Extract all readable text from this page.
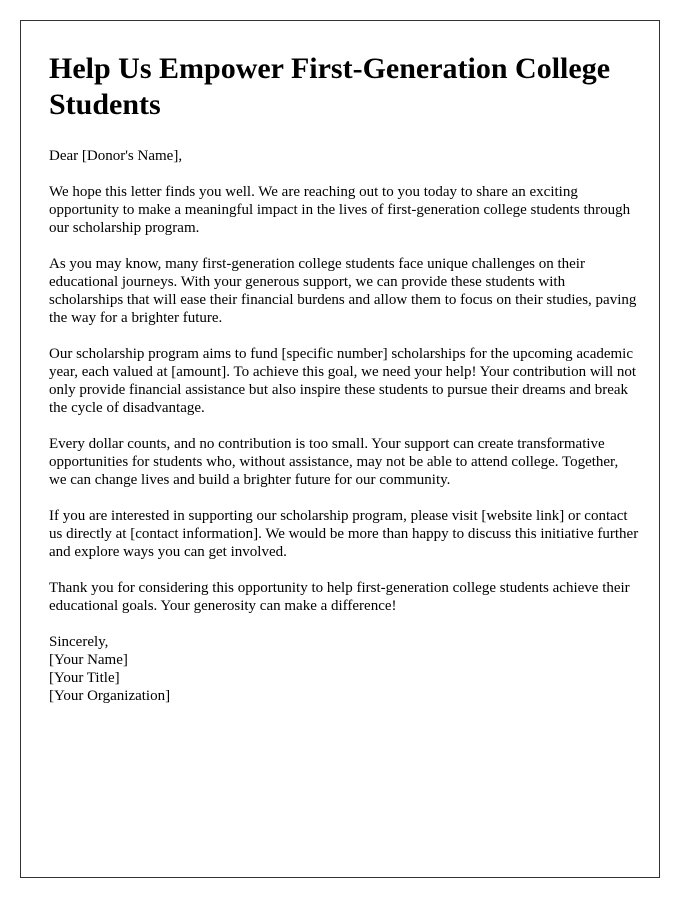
Help Us Empower First-Generation College Students

Dear [Donor's Name],

We hope this letter finds you well. We are reaching out to you today to share an exciting opportunity to make a meaningful impact in the lives of first-generation college students through our scholarship program.

As you may know, many first-generation college students face unique challenges on their educational journeys. With your generous support, we can provide these students with scholarships that will ease their financial burdens and allow them to focus on their studies, paving the way for a brighter future.

Our scholarship program aims to fund [specific number] scholarships for the upcoming academic year, each valued at [amount]. To achieve this goal, we need your help! Your contribution will not only provide financial assistance but also inspire these students to pursue their dreams and break the cycle of disadvantage.

Every dollar counts, and no contribution is too small. Your support can create transformative opportunities for students who, without assistance, may not be able to attend college. Together, we can change lives and build a brighter future for our community.

If you are interested in supporting our scholarship program, please visit [website link] or contact us directly at [contact information]. We would be more than happy to discuss this initiative further and explore ways you can get involved.

Thank you for considering this opportunity to help first-generation college students achieve their educational goals. Your generosity can make a difference!

Sincerely,

[Your Name]

[Your Title]

[Your Organization]
